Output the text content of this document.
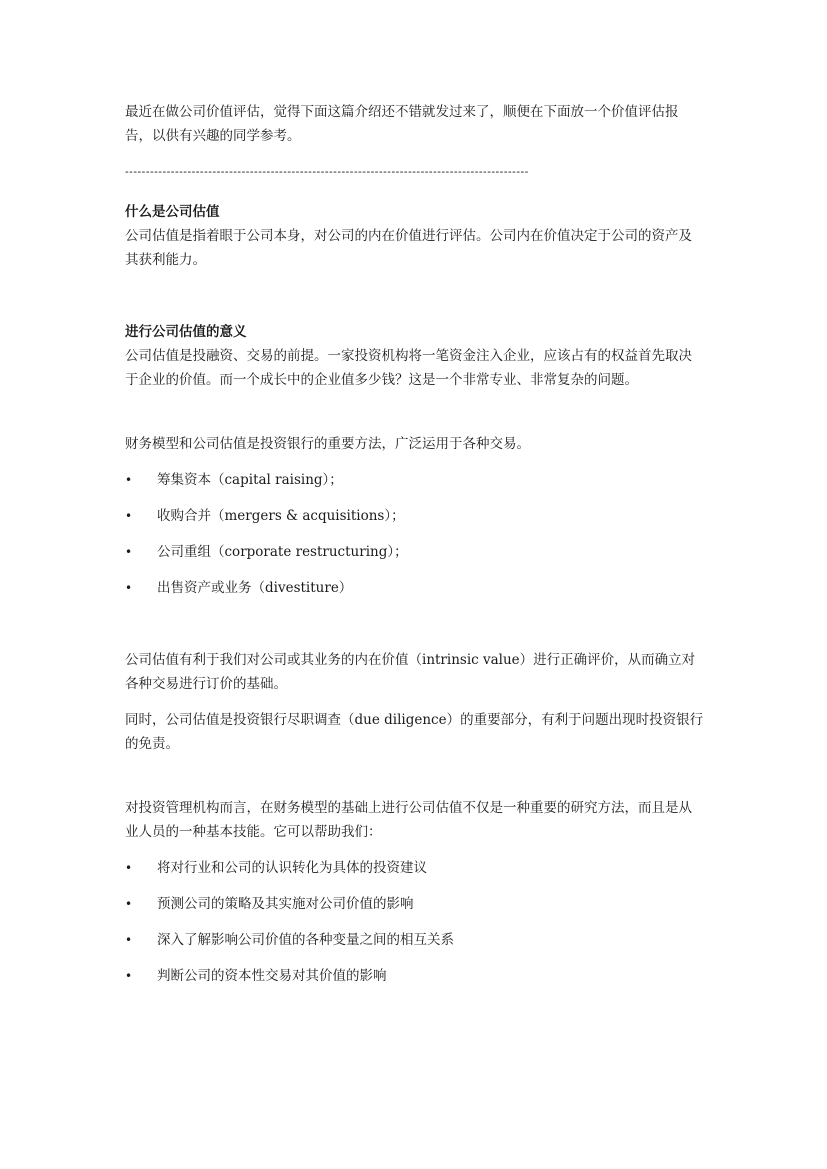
最近在做公司价值评估，觉得下面这篇介绍还不错就发过来了，顺便在下面放一个价值评估报告，以供有兴趣的同学参考。

-------------------------------------------------------------------------------------------------
什么是公司估值

公司估值是指着眼于公司本身，对公司的内在价值进行评估。公司内在价值决定于公司的资产及其获利能力。

进行公司估值的意义

公司估值是投融资、交易的前提。一家投资机构将一笔资金注入企业，应该占有的权益首先取决于企业的价值。而一个成长中的企业值多少钱？这是一个非常专业、非常复杂的问题。

财务模型和公司估值是投资银行的重要方法，广泛运用于各种交易。

• 筹集资本（capital raising）；
• 收购合并（mergers & acquisitions）；
• 公司重组（corporate restructuring）；
• 出售资产或业务（divestiture）

公司估值有利于我们对公司或其业务的内在价值（intrinsic value）进行正确评价，从而确立对各种交易进行订价的基础。

同时，公司估值是投资银行尽职调查（due diligence）的重要部分，有利于问题出现时投资银行的免责。

对投资管理机构而言，在财务模型的基础上进行公司估值不仅是一种重要的研究方法，而且是从业人员的一种基本技能。它可以帮助我们：

• 将对行业和公司的认识转化为具体的投资建议
• 预测公司的策略及其实施对公司价值的影响
• 深入了解影响公司价值的各种变量之间的相互关系
• 判断公司的资本性交易对其价值的影响
